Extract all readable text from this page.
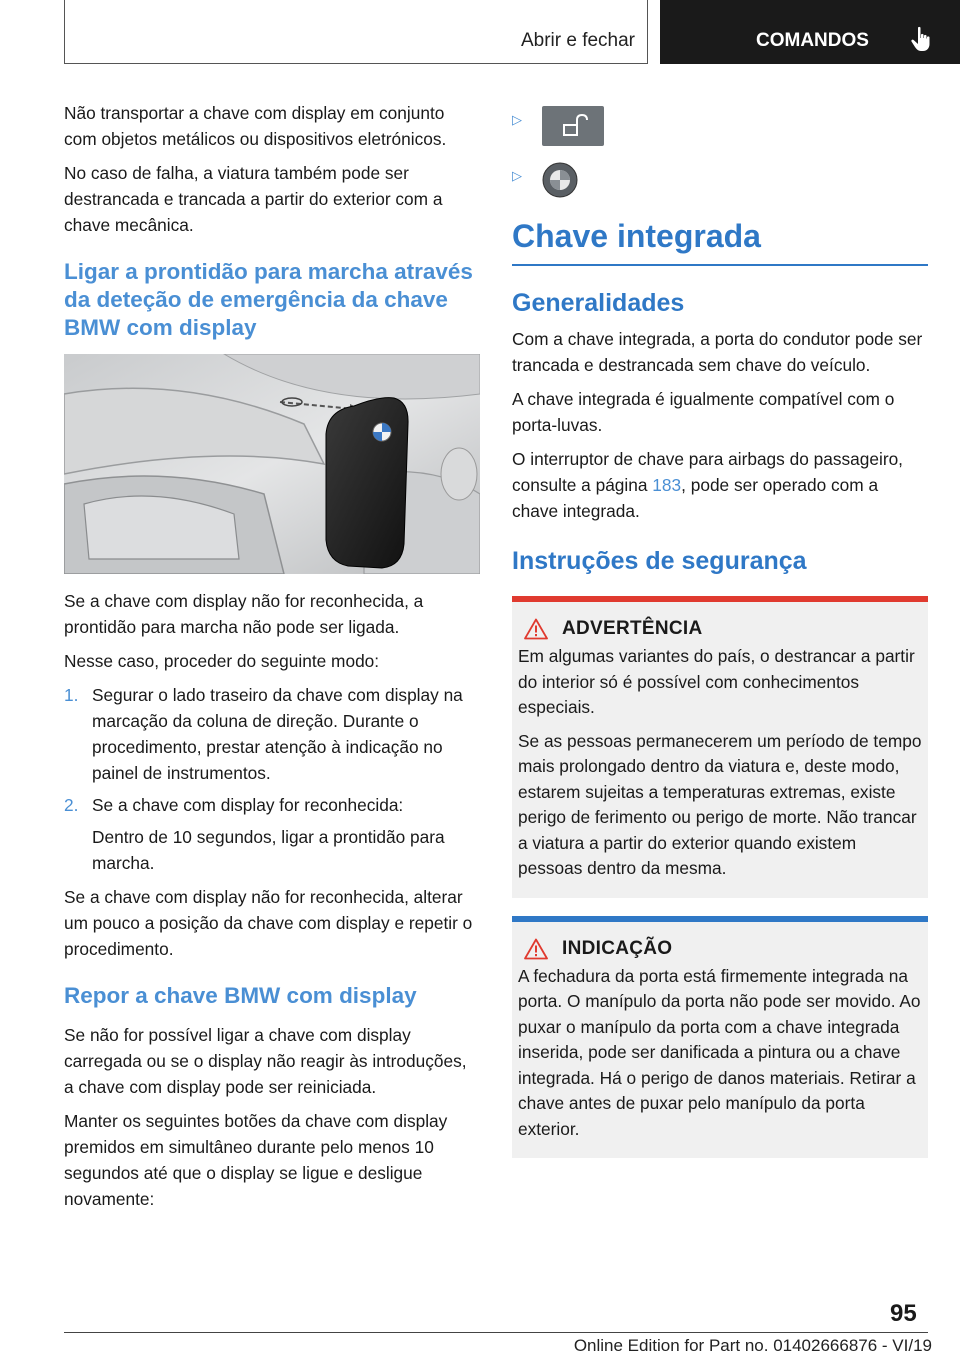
Abrir e fechar	COMANDOS

Não transportar a chave com display em conjunto com objetos metálicos ou dispositivos eletrónicos.

No caso de falha, a viatura também pode ser destrancada e trancada a partir do exterior com a chave mecânica.

Ligar a prontidão para marcha através da deteção de emergência da chave BMW com display

Se a chave com display não for reconhecida, a prontidão para marcha não pode ser ligada.

Nesse caso, proceder do seguinte modo:

1. Segurar o lado traseiro da chave com display na marcação da coluna de direção. Durante o procedimento, prestar atenção à indicação no painel de instrumentos.
2. Se a chave com display for reconhecida:

Dentro de 10 segundos, ligar a prontidão para marcha.

Se a chave com display não for reconhecida, alterar um pouco a posição da chave com display e repetir o procedimento.

Repor a chave BMW com display

Se não for possível ligar a chave com display carregada ou se o display não reagir às introduções, a chave com display pode ser reiniciada.

Manter os seguintes botões da chave com display premidos em simultâneo durante pelo menos 10 segundos até que o display se ligue e desligue novamente:

▷
▷
Chave integrada
Generalidades

Com a chave integrada, a porta do condutor pode ser trancada e destrancada sem chave do veículo.

A chave integrada é igualmente compatível com o porta-luvas.

O interruptor de chave para airbags do passageiro, consulte a página 183, pode ser operado com a chave integrada.

Instruções de segurança
ADVERTÊNCIA

Em algumas variantes do país, o destrancar a partir do interior só é possível com conhecimentos especiais.

Se as pessoas permanecerem um período de tempo mais prolongado dentro da viatura e, deste modo, estarem sujeitas a temperaturas extremas, existe perigo de ferimento ou perigo de morte. Não trancar a viatura a partir do exterior quando existem pessoas dentro da mesma.

INDICAÇÃO

A fechadura da porta está firmemente integrada na porta. O manípulo da porta não pode ser movido. Ao puxar o manípulo da porta com a chave integrada inserida, pode ser danificada a pintura ou a chave integrada. Há o perigo de danos materiais. Retirar a chave antes de puxar pelo manípulo da porta exterior.

95
Online Edition for Part no. 01402666876 - VI/19
